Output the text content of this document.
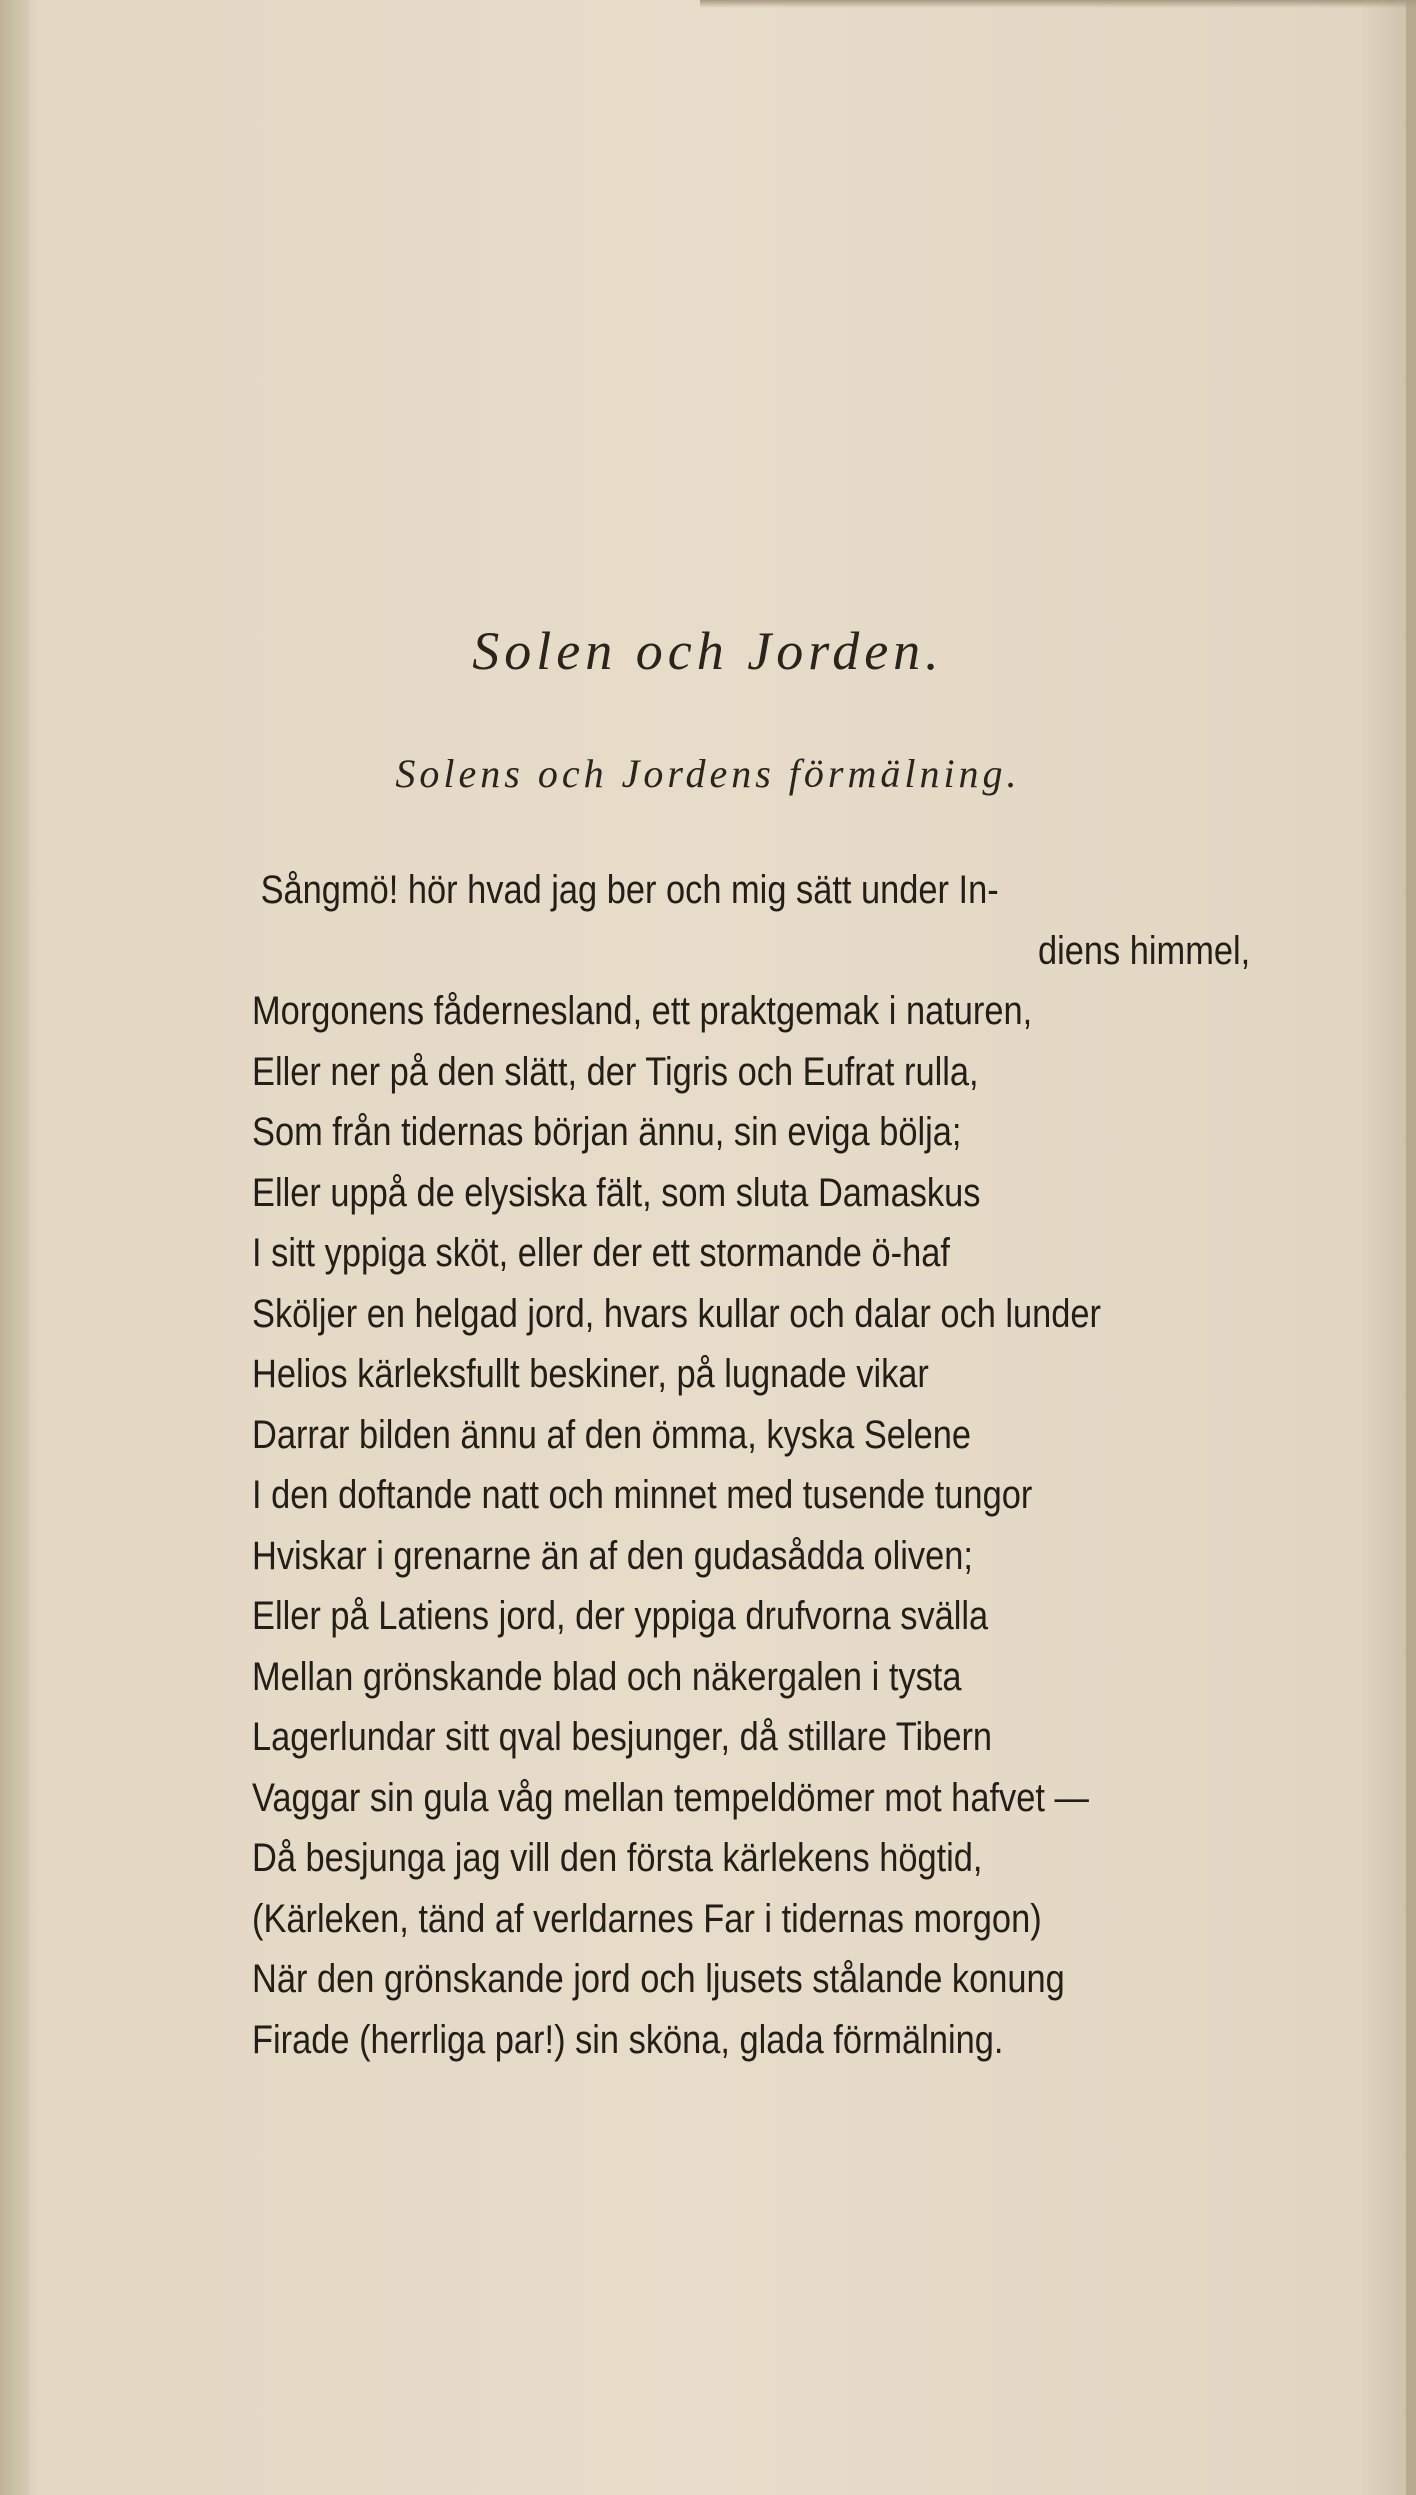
Solen och Jorden.
Solens och Jordens förmälning.
Sångmö! hör hvad jag ber och mig sätt under In-
diens himmel,
Morgonens fådernesland, ett praktgemak i naturen,
Eller ner på den slätt, der Tigris och Eufrat rulla,
Som från tidernas början ännu, sin eviga bölja;
Eller uppå de elysiska fält, som sluta Damaskus
I sitt yppiga sköt, eller der ett stormande ö-haf
Sköljer en helgad jord, hvars kullar och dalar och lunder
Helios kärleksfullt beskiner, på lugnade vikar
Darrar bilden ännu af den ömma, kyska Selene
I den doftande natt och minnet med tusende tungor
Hviskar i grenarne än af den gudasådda oliven;
Eller på Latiens jord, der yppiga drufvorna svälla
Mellan grönskande blad och näkergalen i tysta
Lagerlundar sitt qval besjunger, då stillare Tibern
Vaggar sin gula våg mellan tempeldömer mot hafvet —
Då besjunga jag vill den första kärlekens högtid,
(Kärleken, tänd af verldarnes Far i tidernas morgon)
När den grönskande jord och ljusets stålande konung
Firade (herrliga par!) sin sköna, glada förmälning.
